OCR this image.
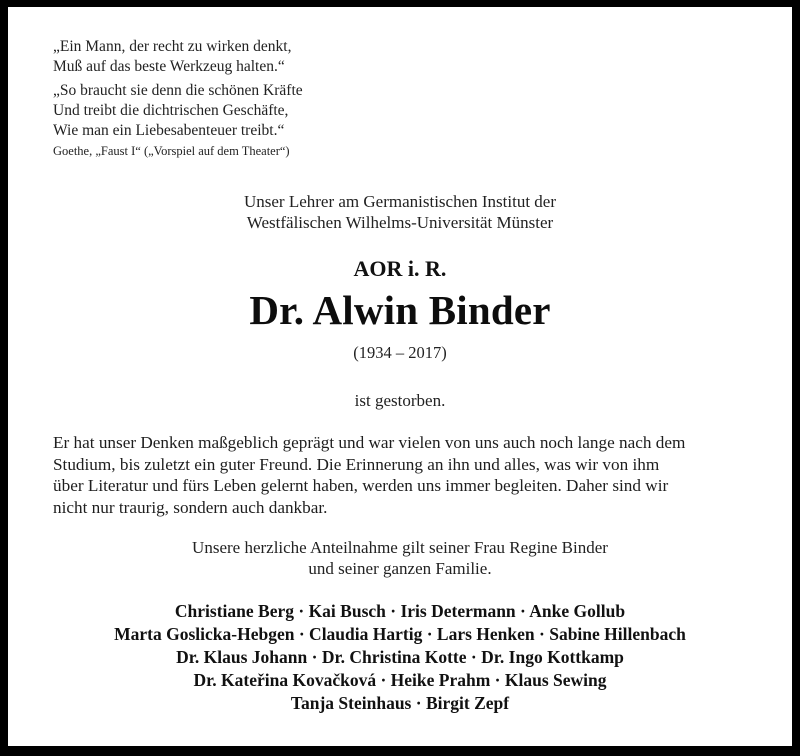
„Ein Mann, der recht zu wirken denkt,
Muß auf das beste Werkzeug halten.“
„So braucht sie denn die schönen Kräfte
Und treibt die dichtrischen Geschäfte,
Wie man ein Liebesabenteuer treibt.“
Goethe, „Faust I“ („Vorspiel auf dem Theater“)
Unser Lehrer am Germanistischen Institut der
Westfälischen Wilhelms-Universität Münster
AOR i. R.
Dr. Alwin Binder
(1934 – 2017)
ist gestorben.
Er hat unser Denken maßgeblich geprägt und war vielen von uns auch noch lange nach dem
Studium, bis zuletzt ein guter Freund. Die Erinnerung an ihn und alles, was wir von ihm
über Literatur und fürs Leben gelernt haben, werden uns immer begleiten. Daher sind wir
nicht nur traurig, sondern auch dankbar.
Unsere herzliche Anteilnahme gilt seiner Frau Regine Binder
und seiner ganzen Familie.
Christiane Berg · Kai Busch · Iris Determann · Anke Gollub
Marta Goslicka-Hebgen · Claudia Hartig · Lars Henken · Sabine Hillenbach
Dr. Klaus Johann · Dr. Christina Kotte · Dr. Ingo Kottkamp
Dr. Kateřina Kovačková · Heike Prahm · Klaus Sewing
Tanja Steinhaus · Birgit Zepf
